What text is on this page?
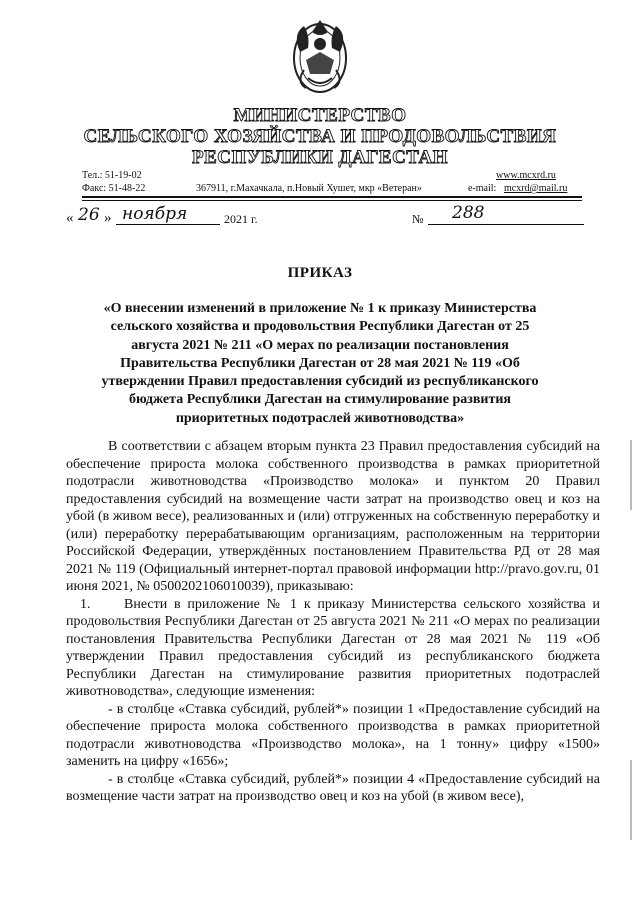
МИНИСТЕРСТВО
СЕЛЬСКОГО ХОЗЯЙСТВА И ПРОДОВОЛЬСТВИЯ
РЕСПУБЛИКИ ДАГЕСТАН
Тел.: 51-19-02
Факс: 51-48-22	367911, г.Махачкала, п.Новый Хушет, мкр «Ветеран»
www.mcxrd.ru
e-mail: mcxrd@mail.ru
« 26 » ноября	2021 г.	№ 288
ПРИКАЗ
«О внесении изменений в приложение № 1 к приказу Министерства сельского хозяйства и продовольствия Республики Дагестан от 25 августа 2021 № 211 «О мерах по реализации постановления Правительства Республики Дагестан от 28 мая 2021 № 119 «Об утверждении Правил предоставления субсидий из республиканского бюджета Республики Дагестан на стимулирование развития приоритетных подотраслей животноводства»

В соответствии с абзацем вторым пункта 23 Правил предоставления субсидий на обеспечение прироста молока собственного производства в рамках приоритетной подотрасли животноводства «Производство молока» и пунктом 20 Правил предоставления субсидий на возмещение части затрат на производство овец и коз на убой (в живом весе), реализованных и (или) отгруженных на собственную переработку и (или) переработку перерабатывающим организациям, расположенным на территории Российской Федерации, утверждённых постановлением Правительства РД от 28 мая 2021 № 119 (Официальный интернет-портал правовой информации http://pravo.gov.ru, 01 июня 2021, № 0500202106010039), приказываю:

1. Внести в приложение № 1 к приказу Министерства сельского хозяйства и продовольствия Республики Дагестан от 25 августа 2021 № 211 «О мерах по реализации постановления Правительства Республики Дагестан от 28 мая 2021 № 119 «Об утверждении Правил предоставления субсидий из республиканского бюджета Республики Дагестан на стимулирование развития приоритетных подотраслей животноводства», следующие изменения:

- в столбце «Ставка субсидий, рублей*» позиции 1 «Предоставление субсидий на обеспечение прироста молока собственного производства в рамках приоритетной подотрасли животноводства «Производство молока», на 1 тонну» цифру «1500» заменить на цифру «1656»;

- в столбце «Ставка субсидий, рублей*» позиции 4 «Предоставление субсидий на возмещение части затрат на производство овец и коз на убой (в живом весе),
